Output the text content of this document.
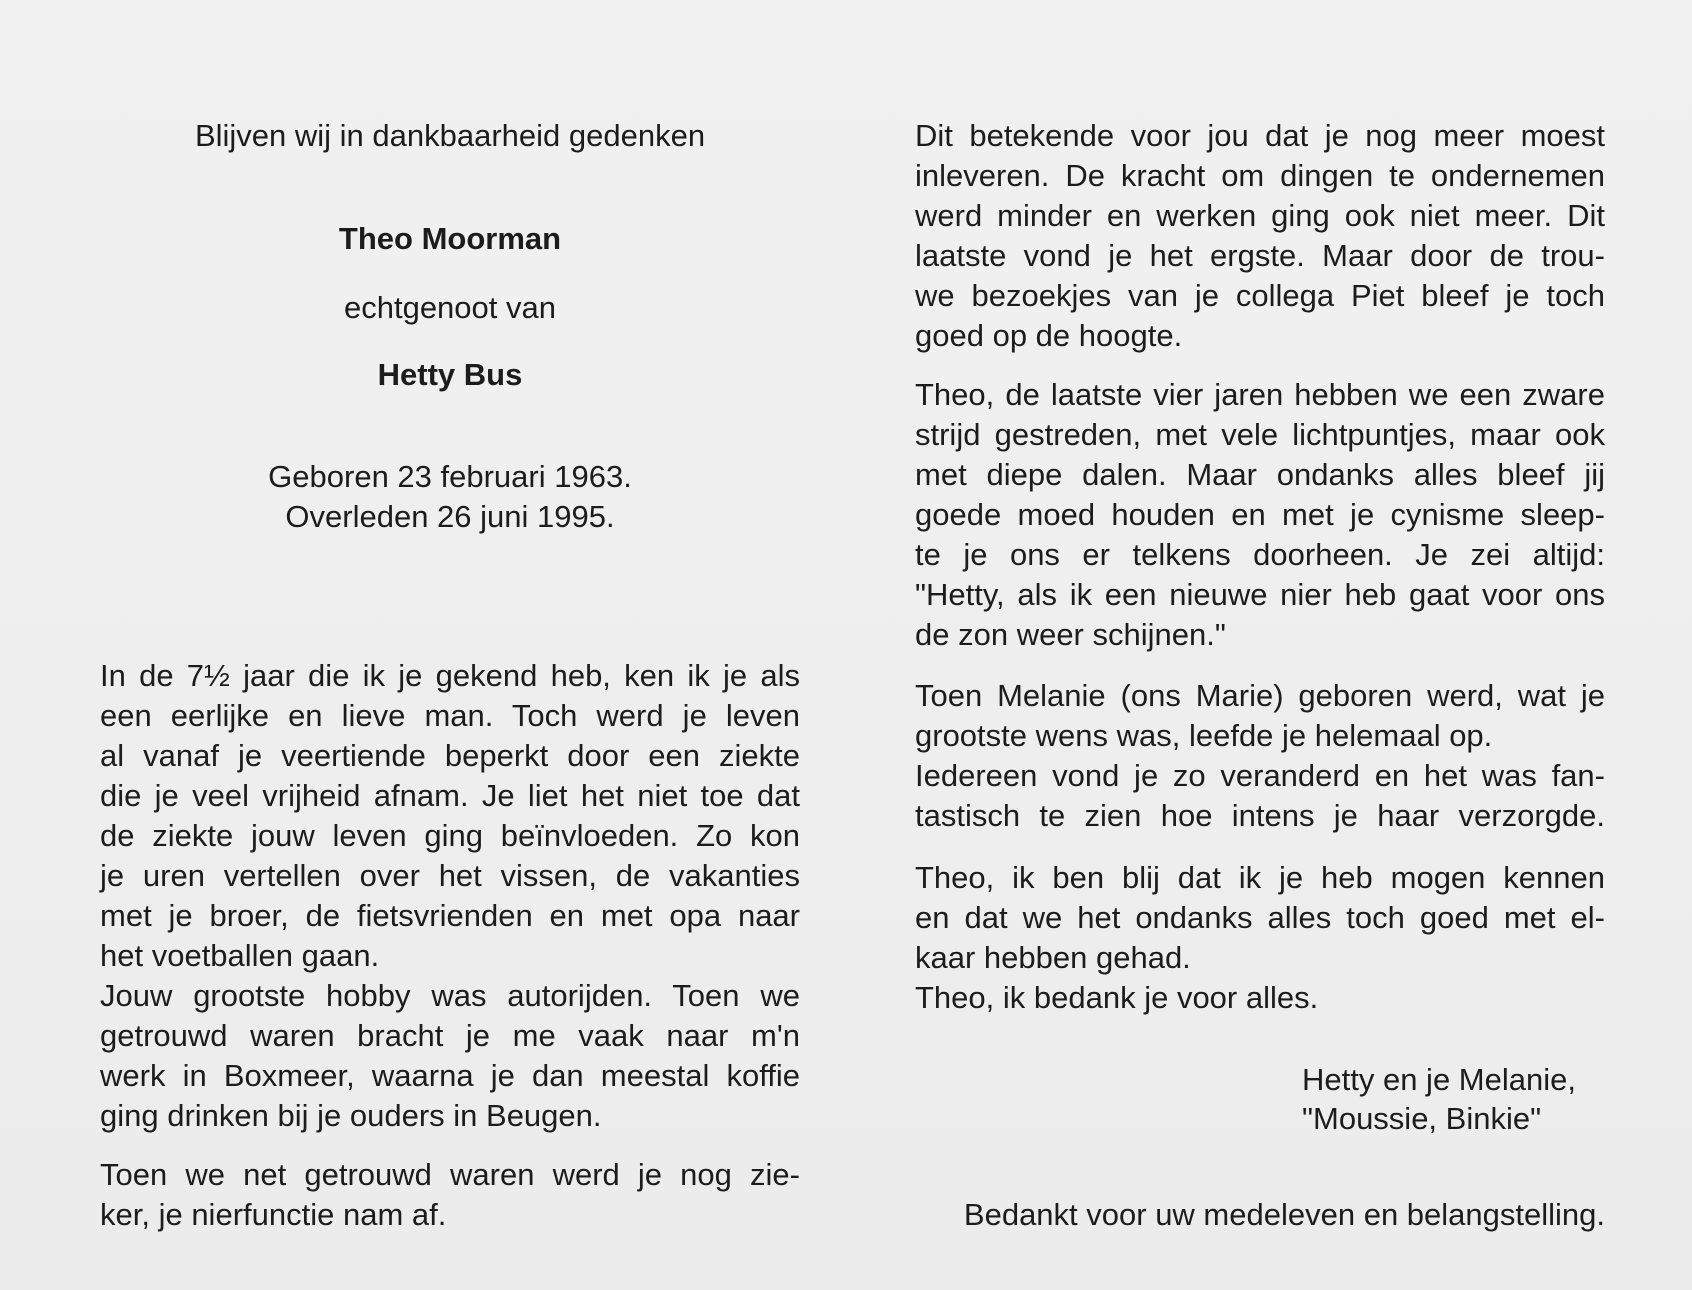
Blijven wij in dankbaarheid gedenken

Theo Moorman

echtgenoot van

Hetty Bus

Geboren 23 februari 1963.

Overleden 26 juni 1995.

In de 7½ jaar die ik je gekend heb, ken ik je als
een eerlijke en lieve man. Toch werd je leven
al vanaf je veertiende beperkt door een ziekte
die je veel vrijheid afnam. Je liet het niet toe dat
de ziekte jouw leven ging beïnvloeden. Zo kon
je uren vertellen over het vissen, de vakanties
met je broer, de fietsvrienden en met opa naar
het voetballen gaan.
Jouw grootste hobby was autorijden. Toen we
getrouwd waren bracht je me vaak naar m'n
werk in Boxmeer, waarna je dan meestal koffie
ging drinken bij je ouders in Beugen.
Toen we net getrouwd waren werd je nog zie-
ker, je nierfunctie nam af.
Dit betekende voor jou dat je nog meer moest
inleveren. De kracht om dingen te ondernemen
werd minder en werken ging ook niet meer. Dit
laatste vond je het ergste. Maar door de trou-
we bezoekjes van je collega Piet bleef je toch
goed op de hoogte.
Theo, de laatste vier jaren hebben we een zware
strijd gestreden, met vele lichtpuntjes, maar ook
met diepe dalen. Maar ondanks alles bleef jij
goede moed houden en met je cynisme sleep-
te je ons er telkens doorheen. Je zei altijd:
"Hetty, als ik een nieuwe nier heb gaat voor ons
de zon weer schijnen."
Toen Melanie (ons Marie) geboren werd, wat je
grootste wens was, leefde je helemaal op.
Iedereen vond je zo veranderd en het was fan-
tastisch te zien hoe intens je haar verzorgde.
Theo, ik ben blij dat ik je heb mogen kennen
en dat we het ondanks alles toch goed met el-
kaar hebben gehad.
Theo, ik bedank je voor alles.

Hetty en je Melanie,

"Moussie, Binkie"

Bedankt voor uw medeleven en belangstelling.
